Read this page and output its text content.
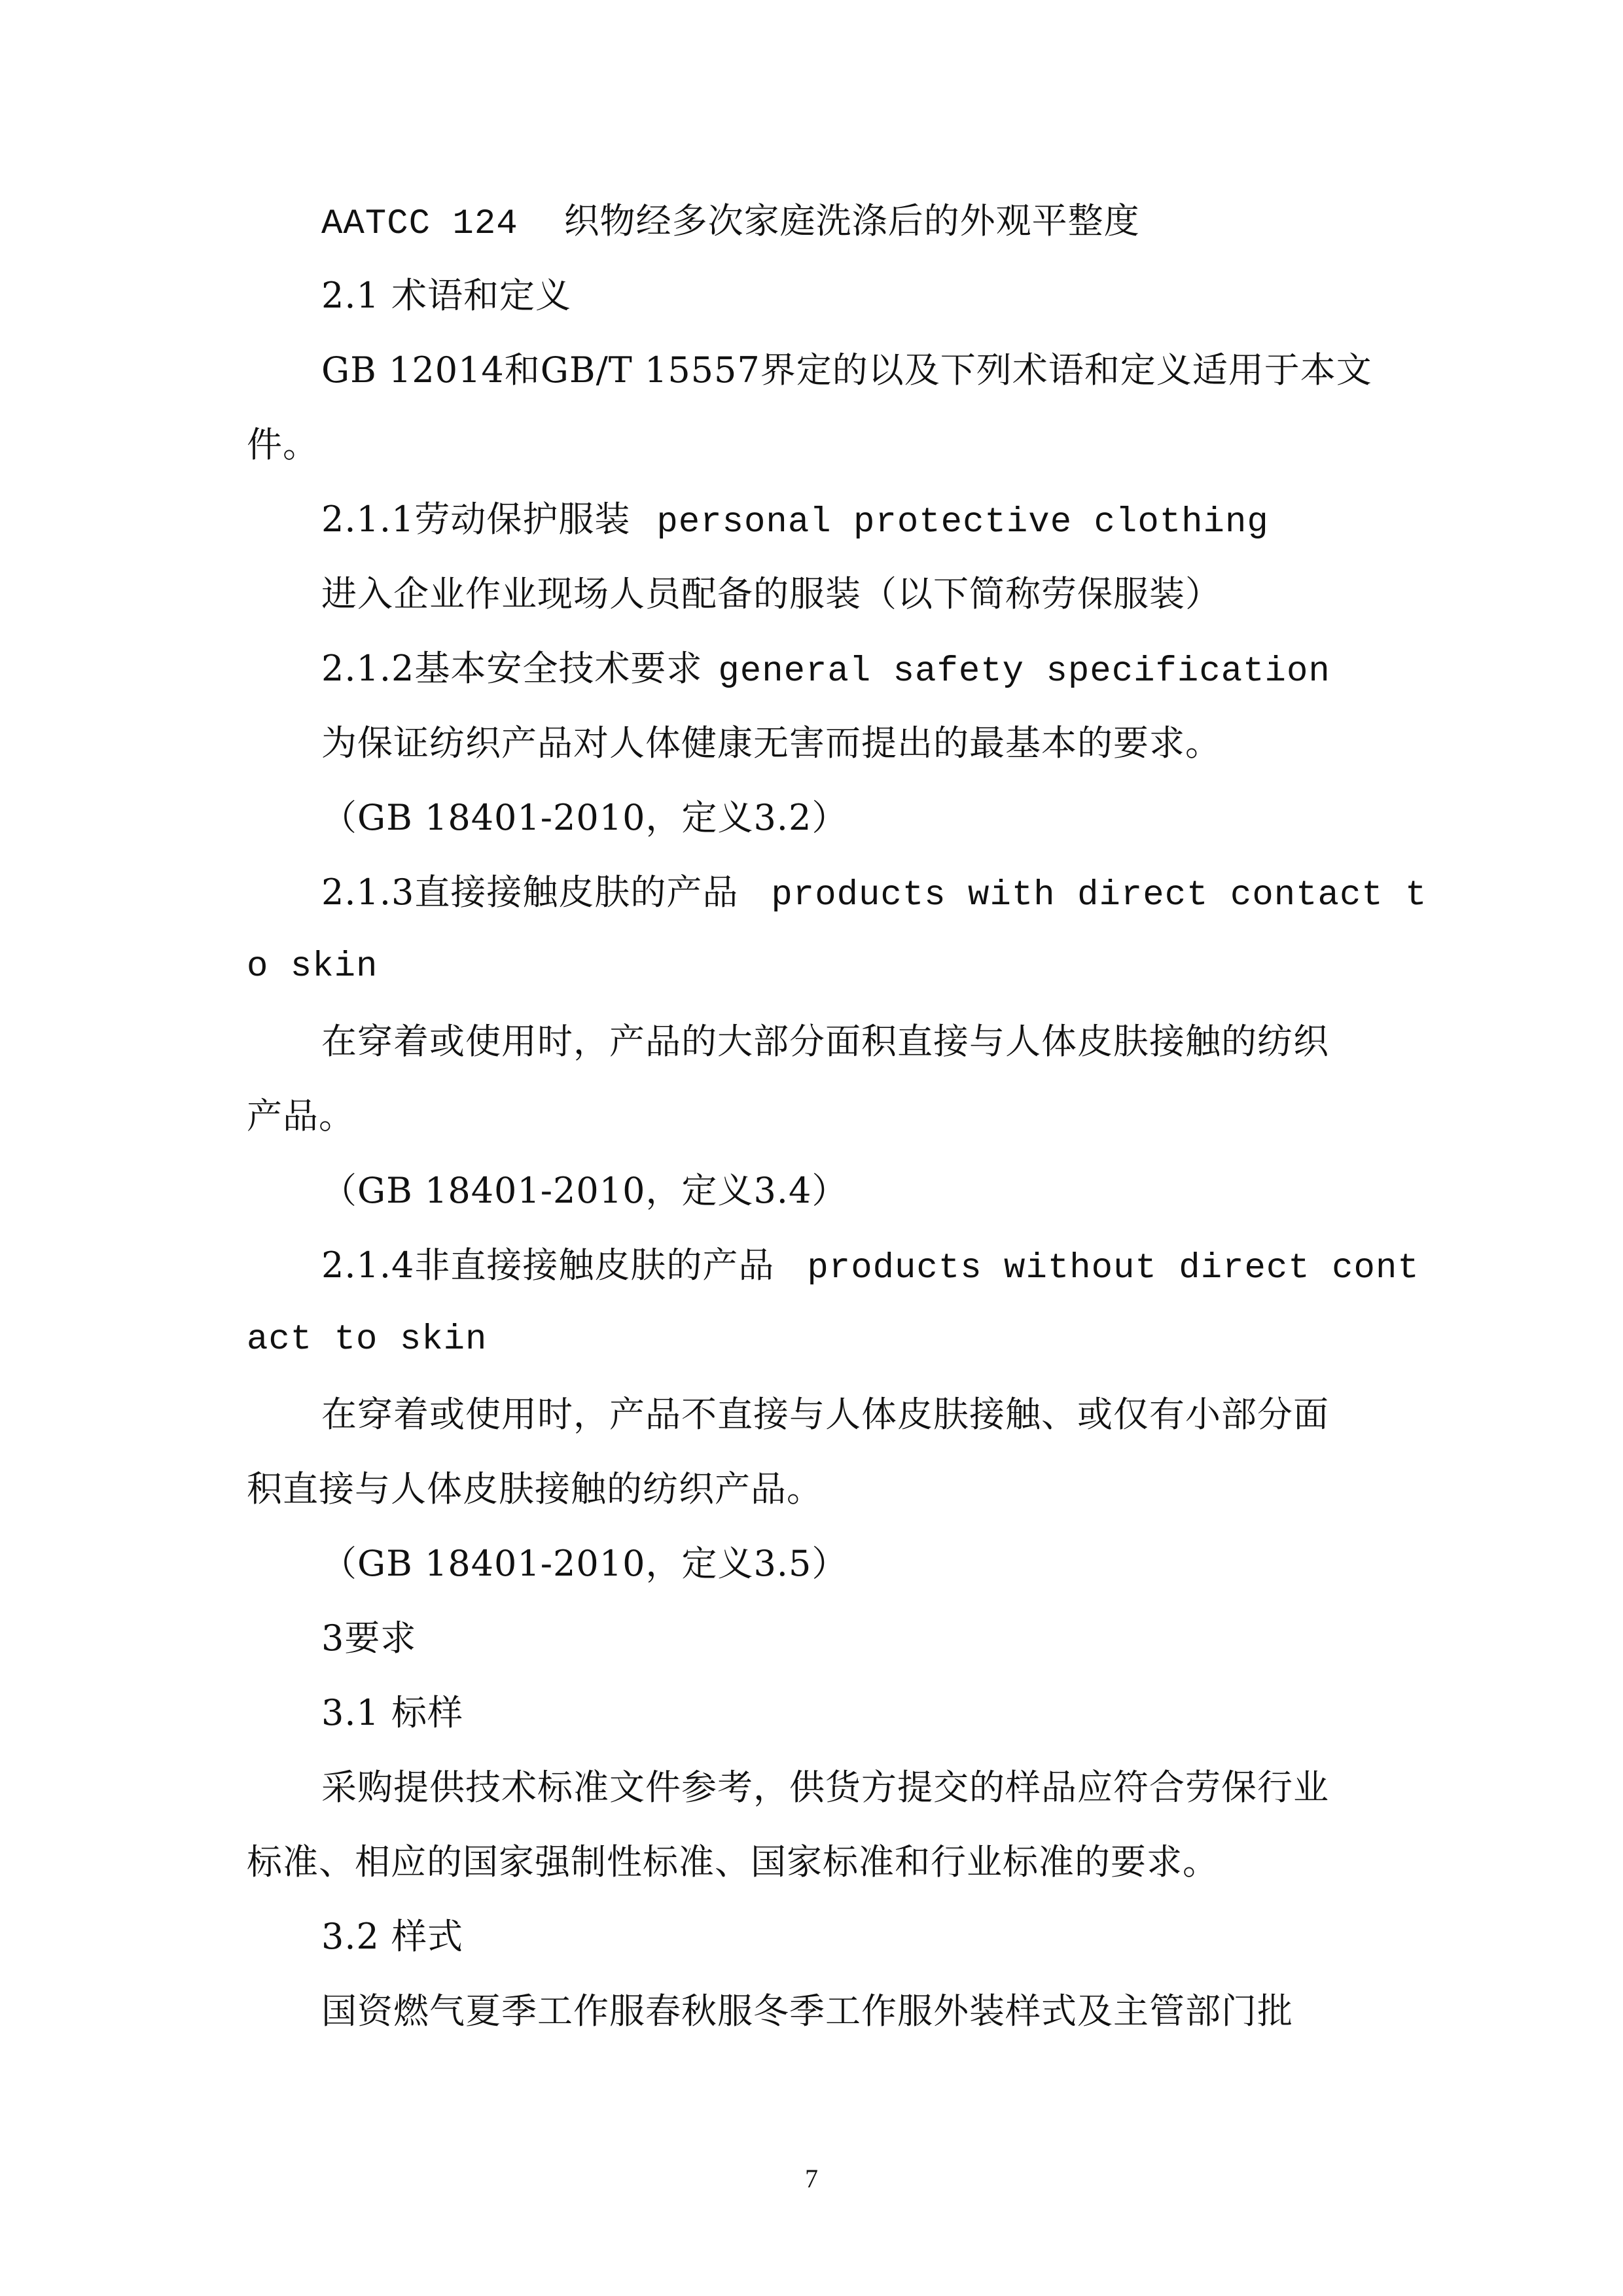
AATCC 124 织物经多次家庭洗涤后的外观平整度
2.1 术语和定义
GB 12014和GB/T 15557界定的以及下列术语和定义适用于本文
件。
2.1.1劳动保护服装 personal protective clothing
进入企业作业现场人员配备的服装（以下简称劳保服装）
2.1.2基本安全技术要求 general safety specification
为保证纺织产品对人体健康无害而提出的最基本的要求。
（GB 18401-2010，定义3.2）
2.1.3直接接触皮肤的产品 products with direct contact t
o skin
在穿着或使用时，产品的大部分面积直接与人体皮肤接触的纺织
产品。
（GB 18401-2010，定义3.4）
2.1.4非直接接触皮肤的产品 products without direct cont
act to skin
在穿着或使用时，产品不直接与人体皮肤接触、或仅有小部分面
积直接与人体皮肤接触的纺织产品。
（GB 18401-2010，定义3.5）
3要求
3.1 标样
采购提供技术标准文件参考，供货方提交的样品应符合劳保行业
标准、相应的国家强制性标准、国家标准和行业标准的要求。
3.2 样式
国资燃气夏季工作服春秋服冬季工作服外装样式及主管部门批
7
